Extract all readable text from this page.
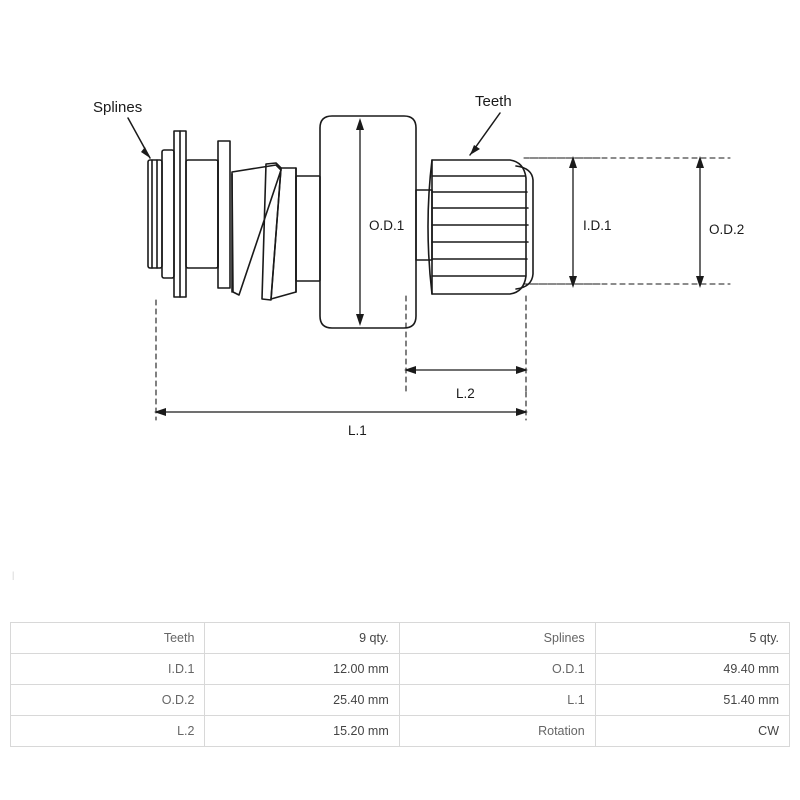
Splines	Teeth
O.D.1	I.D.1	O.D.2
L.1
L.2
|
Teeth	9 qty.	Splines	5 qty.
I.D.1	12.00 mm	O.D.1	49.40 mm
O.D.2	25.40 mm	L.1	51.40 mm
L.2	15.20 mm	Rotation	CW
